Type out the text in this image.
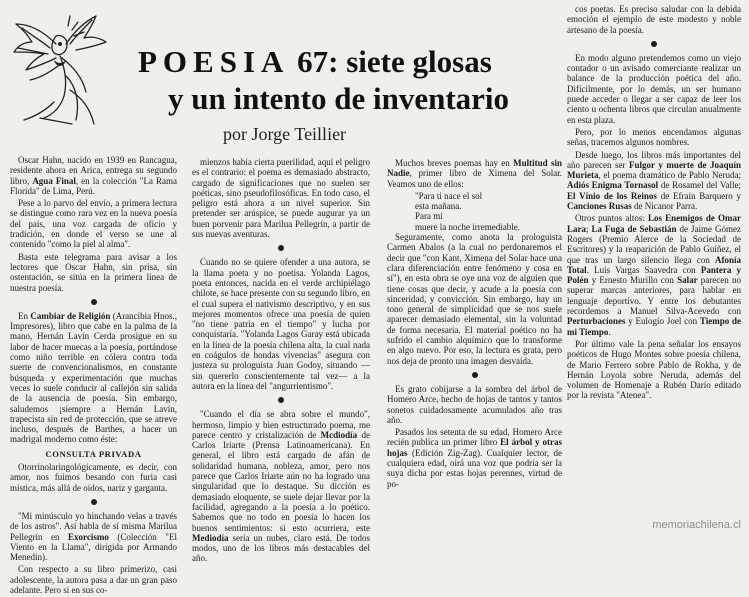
POESIA 67: siete glosas
y un intento de inventario
por Jorge Teillier

Oscar Hahn, nacido en 1939 en Rancagua, residente ahora en Arica, entrega su segundo libro, Agua Final, en la colección "La Rama Florida" de Lima, Perú.

Pese a lo parvo del envío, a primera lectura se distingue como rara vez en la nueva poesía del país, una voz cargada de oficio y tradición, en donde el verso se une al contenido "como la piel al alma".

Basta este telegrama para avisar a los lectores que Oscar Hahn, sin prisa, sin ostentación, se sitúa en la primera línea de nuestra poesía.

En Cambiar de Religión (Arancibia Hnos., Impresores), libro que cabe en la palma de la mano, Hernán Lavín Cerda prosigue en su labor de hacer muecas a la poesía, portándose como niño terrible en cólera contra toda suerte de convencionalismos, en constante búsqueda y experimentación que muchas veces lo suele conducir al callejón sin salida de la ausencia de poesía. Sin embargo, saludemos ¡siempre a Hernán Lavín, trapecista sin red de protección, que se atreve incluso, después de Barthes, a hacer un madrigal moderno como éste:

CONSULTA PRIVADA

Otorrinolaringológicamente, es decir, con amor, nos fuimos besando con furia casi mística, más allá de oídos, nariz y garganta.

"Mi minúsculo yo hinchando velas a través de los astros". Así habla de sí misma Marilua Pellegrín en Exorcismo (Colección "El Viento en la Llama", dirigida por Armando Menedín).

Con respecto a su libro primerizo, casi adolescente, la autora pasa a dar un gran paso adelante. Pero si en sus co-

mienzos había cierta puerilidad, aquí el peligro es el contrario: el poema es demasiado abstracto, cargado de significaciones que no suelen ser poéticas, sino pseudofilosóficas. En todo caso, el peligro está ahora a un nivel superior. Sin pretender ser arúspice, se puede augurar ya un buen porvenir para Marilua Pellegrín, a partir de sus nuevas aventuras.

Cuando no se quiere ofender a una autora, se la llama poeta y no poetisa. Yolanda Lagos, poeta entonces, nacida en el verde archipiélago chilote, se hace presente con su segundo libro, en el cual supera el nativismo descriptivo, y en sus mejores momentos ofrece una poesía de quien "no tiene patria en el tiempo" y lucha por conquistaría. "Yolanda Lagos Garay está ubicada en la línea de la poesía chilena alta, la cual nada en coágulos de hondas vivencias" asegura con justeza su prologuista Juan Godoy, situando —sin quererlo conscientemente tal vez— a la autora en la línea del "angurrientismo".

"Cuando el día se abra sobre el mundo", hermoso, limpio y bien estructurado poema, me parece centro y cristalización de Mcdiodía de Carlos Iriarte (Prensa Latinoamericana). En general, el libro está cargado de afán de solidaridad humana, nobleza, amor, pero nos parece que Carlos Iriarte aún no ha logrado una singularidad que lo destaque. Su dicción es demasiado eloquente, se suele dejar llevar por la facilidad, agregando a la poesía a lo poético. Sabemos que no todo en poesía lo hacen los buenos sentimientos: si esto ocurriera, este Mediodía sería un nubes, claro está. De todos modos, uno de los libros más destacables del año.

Muchos breves poemas hay en Multitud sin Nadie, primer libro de Ximena del Solar. Veamos uno de ellos:

"Para ti nace el sol

esta mañana.

Para mí

muere la noche irremediable.

Seguramente, como anota la prologuista Carmen Abalos (a la cual no perdonaremos el decir que "con Kant, Ximena del Solar hace una clara diferenciación entre fenómeno y cosa en sí"), en esta obra se oye una voz de alguien que tiene cosas que decir, y acude a la poesía con sinceridad, y convicción. Sin embargo, hay un tono general de simplicidad que se nos suele aparecer demasiado elemental, sin la voluntad de forma necesaria. El material poético no ha sufrido el cambio alquímico que lo transforme en algo nuevo. Por eso, la lectura es grata, pero nos deja de pronto una imagen desvaída.

Es grato cobijarse a la sombra del árbol de Homero Arce, hecho de hojas de tantos y tantos sonetos cuidadosamente acumulados año tras año.

Pasados los setenta de su edad, Homero Arce recién publica un primer libro El árbol y otras hojas (Edición Zig-Zag). Cualquier lector, de cualquiera edad, oirá una voz que podría ser la suya dicha por estas hojas perennes, virtud de po-

cos poetas. Es preciso saludar con la debida emoción el ejemplo de este modesto y noble artesano de la poesía.

En modo alguno pretendemos como un viejo contador o un avisado comerciante realizar un balance de la producción poética del año. Difícilmente, por lo demás, un ser humano puede acceder o llegar a ser capaz de leer los ciento u ochenta libros que circulan anualmente en esta plaza.

Pero, por lo menos encendamos algunas señas, tracemos algunos nombres.

Desde luego, los libros más importantes del año parecen ser Fulgor y muerte de Joaquín Murieta, el poema dramático de Pablo Neruda; Adiós Enigma Tornasol de Rosamel del Valle; El Vínio de los Reinos de Efraín Barquero y Canciones Rusas de Nicanor Parra.

Otros puntos altos: Los Enemigos de Omar Lara; La Fuga de Sebastián de Jaime Gómez Rogers (Premio Alerce de la Sociedad de Escritores) y la reaparición de Pablo Guíñez, el que tras un largo silencio llega con Afonía Total. Luis Vargas Saavedra con Pantera y Polén y Ernesto Murillo con Salar parecen no superar marcas anteriores, para hablar en lenguaje deportivo. Y entre los debutantes recordemos a Manuel Silva-Acevedo con Perturbaciones y Eulogio Joel con Tiempo de mi Tiempo.

Por último vale la pena señalar los ensayos poéticos de Hugo Montes sobre poesía chilena, de Mario Ferrero sobre Pablo de Rokha, y de Hernán Loyola sobre Neruda, además del volumen de Homenaje a Rubén Darío editado por la revista "Atenea".

memoriachilena.cl
